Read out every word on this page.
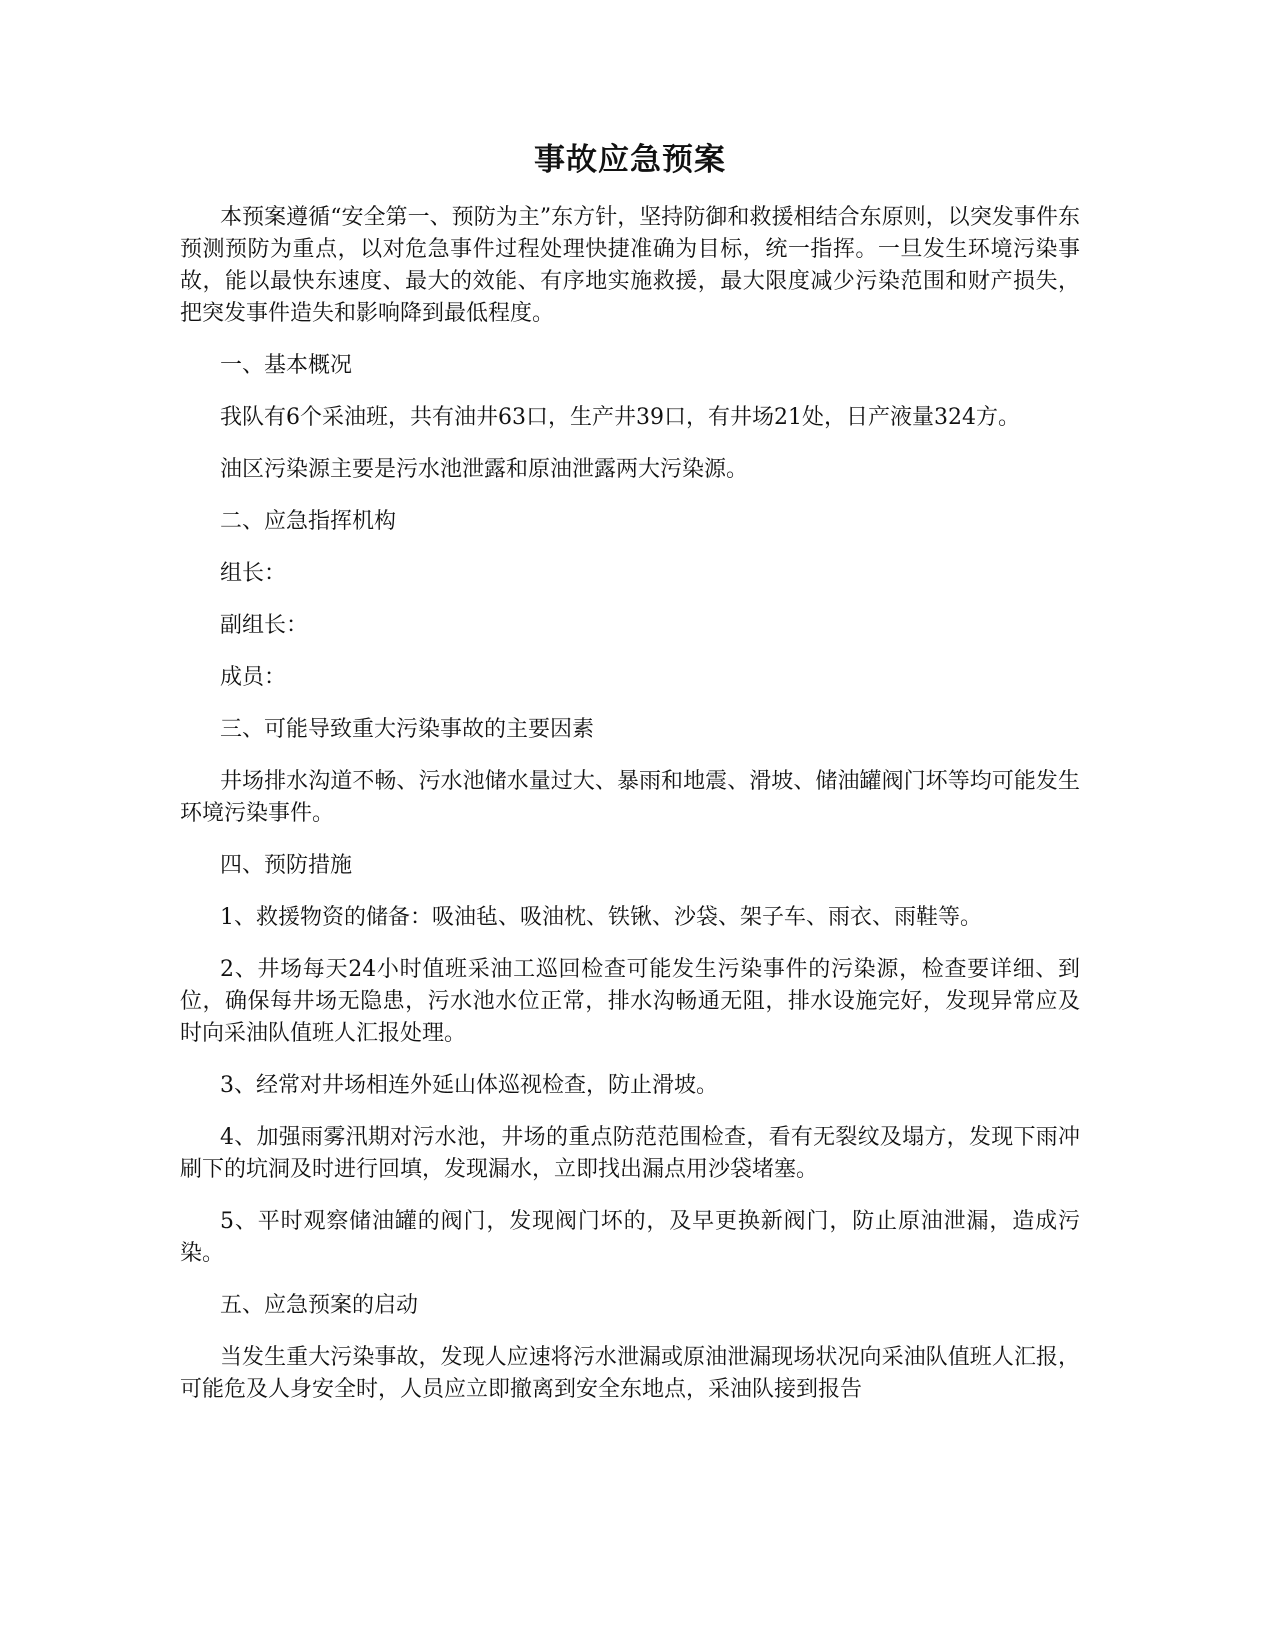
事故应急预案

本预案遵循“安全第一、预防为主”东方针，坚持防御和救援相结合东原则，以突发事件东预测预防为重点，以对危急事件过程处理快捷准确为目标，统一指挥。一旦发生环境污染事故，能以最快东速度、最大的效能、有序地实施救援，最大限度减少污染范围和财产损失，把突发事件造失和影响降到最低程度。

一、基本概况

我队有6个采油班，共有油井63口，生产井39口，有井场21处，日产液量324方。

油区污染源主要是污水池泄露和原油泄露两大污染源。

二、应急指挥机构

组长：

副组长：

成员：

三、可能导致重大污染事故的主要因素

井场排水沟道不畅、污水池储水量过大、暴雨和地震、滑坡、储油罐阀门坏等均可能发生环境污染事件。

四、预防措施

1、救援物资的储备：吸油毡、吸油枕、铁锹、沙袋、架子车、雨衣、雨鞋等。

2、井场每天24小时值班采油工巡回检查可能发生污染事件的污染源，检查要详细、到位，确保每井场无隐患，污水池水位正常，排水沟畅通无阻，排水设施完好，发现异常应及时向采油队值班人汇报处理。

3、经常对井场相连外延山体巡视检查，防止滑坡。

4、加强雨雾汛期对污水池，井场的重点防范范围检查，看有无裂纹及塌方，发现下雨冲刷下的坑洞及时进行回填，发现漏水，立即找出漏点用沙袋堵塞。

5、平时观察储油罐的阀门，发现阀门坏的，及早更换新阀门，防止原油泄漏，造成污染。

五、应急预案的启动

当发生重大污染事故，发现人应速将污水泄漏或原油泄漏现场状况向采油队值班人汇报，可能危及人身安全时，人员应立即撤离到安全东地点，采油队接到报告
